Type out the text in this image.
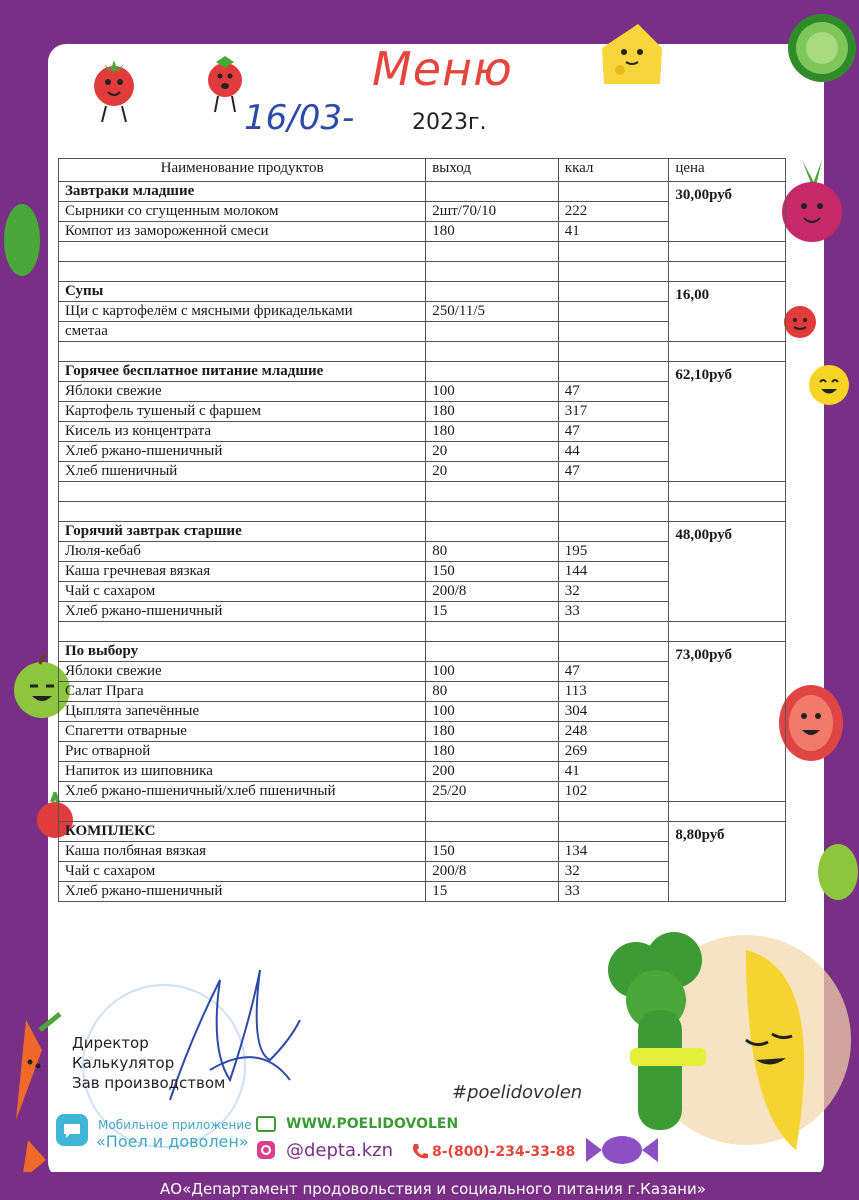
Меню
16/03-	2023г.
Наименование продуктов	выход	ккал	цена
Завтраки младшие			30,00руб
Сырники со сгущенным молоком	2шт/70/10	222	
Компот из замороженной смеси	180	41	

Супы			16,00
Щи с картофелём с мясными фрикадельками	250/11/5		
сметаа			

Горячее бесплатное питание младшие			62,10руб
Яблоки свежие	100	47	
Картофель тушеный с фаршем	180	317	
Кисель из концентрата	180	47	
Хлеб ржано-пшеничный	20	44	
Хлеб пшеничный	20	47	

Горячий завтрак старшие			48,00руб
Люля-кебаб	80	195	
Каша гречневая вязкая	150	144	
Чай с сахаром	200/8	32	
Хлеб ржано-пшеничный	15	33	

По выбору			73,00руб
Яблоки свежие	100	47	
Салат Прага	80	113	
Цыплята запечённые	100	304	
Спагетти отварные	180	248	
Рис отварной	180	269	
Напиток из шиповника	200	41	
Хлеб ржано-пшеничный/хлеб пшеничный	25/20	102	

КОМПЛЕКС			8,80руб
Каша полбяная вязкая	150	134	
Чай с сахаром	200/8	32	
Хлеб ржано-пшеничный	15	33	
Директор
Калькулятор
Зав производством	#poelidovolen
Мобильное приложение
«Поел и доволен»
WWW.POELIDOVOLEN
@depta.kzn	8-(800)-234-33-88
АО«Департамент продовольствия и социального питания г.Казани»
